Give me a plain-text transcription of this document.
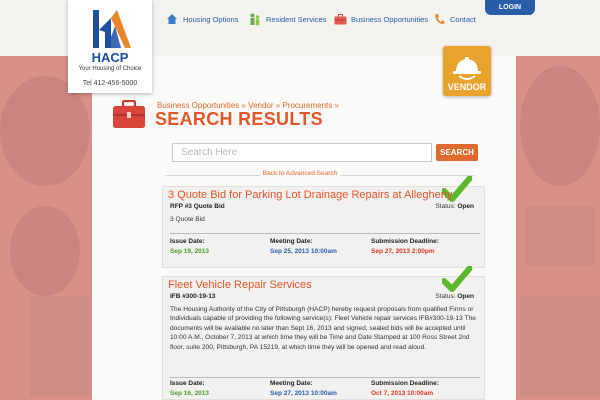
HACP
Your Housing of Choice
Tel 412-456-5000
Housing Options	Resident Services	Business Opportunities	Contact
LOGIN
VENDOR
Business Opportunities » Vendor » Procurements »
SEARCH RESULTS
Search Here
SEARCH
Back to Advanced Search
3 Quote Bid for Parking Lot Drainage Repairs at Allegheny
RFP #3 Quote Bid	Status: Open
3 Quote Bid
Issue Date:
Sep 19, 2013
Meeting Date:
Sep 25, 2013 10:00am
Submission Deadline:
Sep 27, 2013 2:00pm
Fleet Vehicle Repair Services
IFB #300-19-13	Status: Open
The Housing Authority of the City of Pittsburgh (HACP) hereby request proposals from qualified Firms or Individuals capable of providing the following service(s): Fleet Vehicle repair services IFB#300-19-13 The documents will be available no later than Sept 16, 2013 and signed, sealed bids will be accepted until 10:00 A.M., October 7, 2013 at which time they will be Time and Date Stamped at 100 Ross Street 2nd floor, suite 200, Pittsburgh, PA 15219, at which time they will be opened and read aloud.
Issue Date:
Sep 16, 2013
Meeting Date:
Sep 27, 2013 10:00am
Submission Deadline:
Oct 7, 2013 10:00am
